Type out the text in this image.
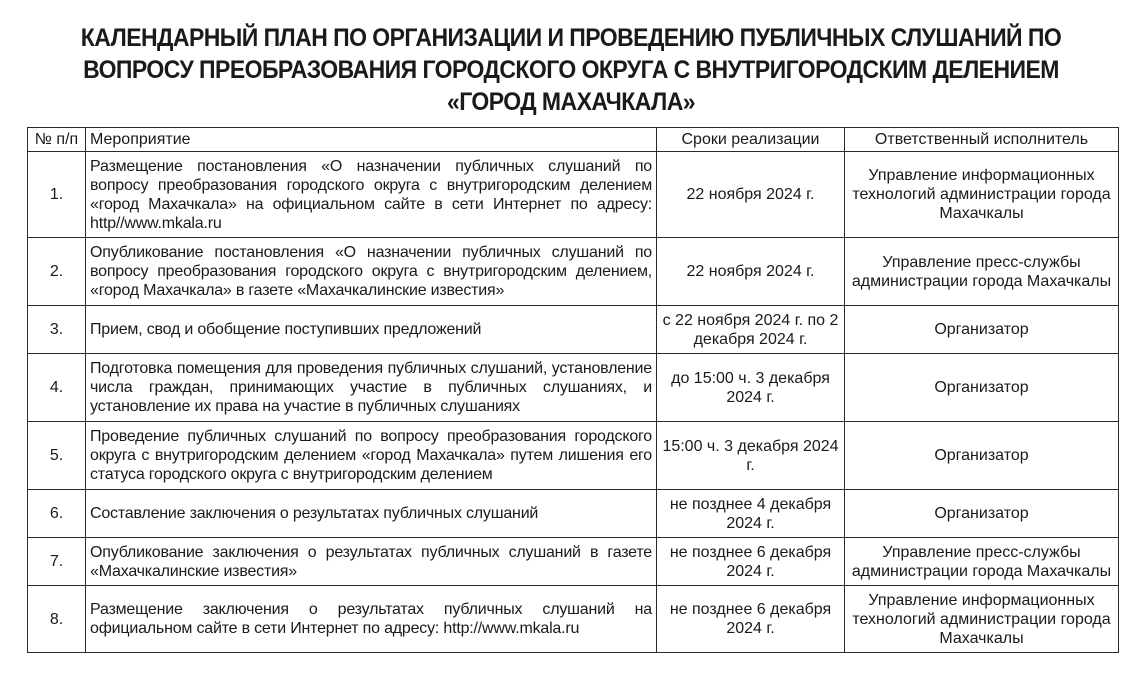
КАЛЕНДАРНЫЙ ПЛАН ПО ОРГАНИЗАЦИИ И ПРОВЕДЕНИЮ ПУБЛИЧНЫХ СЛУШАНИЙ ПО
ВОПРОСУ ПРЕОБРАЗОВАНИЯ ГОРОДСКОГО ОКРУГА С ВНУТРИГОРОДСКИМ ДЕЛЕНИЕМ
«ГОРОД МАХАЧКАЛА»
№ п/п	Мероприятие	Сроки реализации	Ответственный исполнитель
1.	Размещение постановления «О назначении публичных слушаний по вопросу преобразования городского округа с внутригородским делением «город Махачкала» на официальном сайте в сети Интернет по адресу: http//www.mkala.ru	22 ноября 2024 г.	Управление информационных технологий администрации города Махачкалы
2.	Опубликование постановления «О назначении публичных слушаний по вопросу преобразования городского округа с внутригородским делением, «город Махачкала» в газете «Махачкалинские известия»	22 ноября 2024 г.	Управление пресс-службы администрации города Махачкалы
3.	Прием, свод и обобщение поступивших предложений	с 22 ноября 2024 г. по 2 декабря 2024 г.	Организатор
4.	Подготовка помещения для проведения публичных слушаний, установление числа граждан, принимающих участие в публичных слушаниях, и установление их права на участие в публичных слушаниях	до 15:00 ч. 3 декабря 2024 г.	Организатор
5.	Проведение публичных слушаний по вопросу преобразования городского округа с внутригородским делением «город Махачкала» путем лишения его статуса городского округа с внутригородским делением	15:00 ч. 3 декабря 2024 г.	Организатор
6.	Составление заключения о результатах публичных слушаний	не позднее 4 декабря 2024 г.	Организатор
7.	Опубликование заключения о результатах публичных слушаний в газете «Махачкалинские известия»	не позднее 6 декабря 2024 г.	Управление пресс-службы администрации города Махачкалы
8.	Размещение заключения о результатах публичных слушаний на официальном сайте в сети Интернет по адресу: http://www.mkala.ru	не позднее 6 декабря 2024 г.	Управление информационных технологий администрации города Махачкалы
